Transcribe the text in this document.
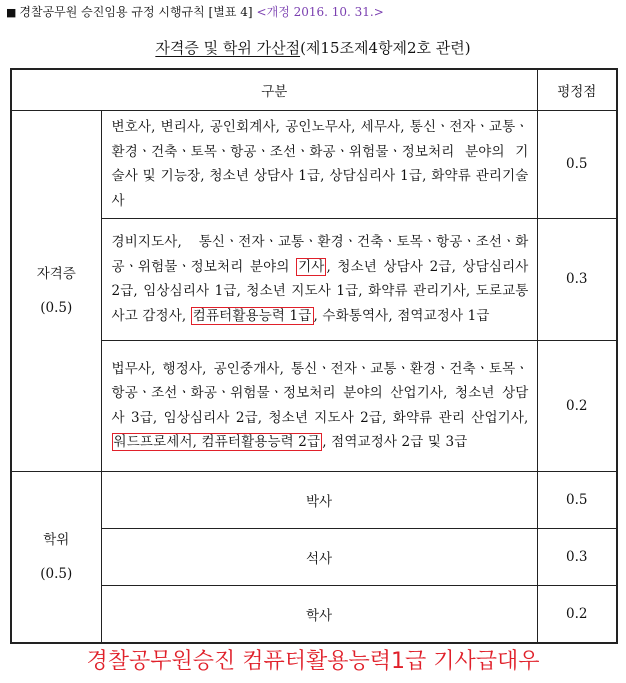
■ 경찰공무원 승진임용 규정 시행규칙 [별표 4] <개정 2016. 10. 31.>
자격증 및 학위 가산점(제15조제4항제2호 관련)
구분		평정점

자격증
(0.5)	변호사, 변리사, 공인회계사, 공인노무사, 세무사, 통신ㆍ전자ㆍ교통ㆍ환경ㆍ건축ㆍ토목ㆍ항공ㆍ조선ㆍ화공ㆍ위험물ㆍ정보처리 분야의 기술사 및 기능장, 청소년 상담사 1급, 상담심리사 1급, 화약류 관리기술사	0.5
	경비지도사, 통신ㆍ전자ㆍ교통ㆍ환경ㆍ건축ㆍ토목ㆍ항공ㆍ조선ㆍ화공ㆍ위험물ㆍ정보처리 분야의 기사 , 청소년 상담사 2급, 상담심리사 2급, 임상심리사 1급, 청소년 지도사 1급, 화약류 관리기사, 도로교통사고 감정사, 컴퓨터활용능력 1급 , 수화통역사, 점역교정사 1급	0.3
	법무사, 행정사, 공인중개사, 통신ㆍ전자ㆍ교통ㆍ환경ㆍ건축ㆍ토목ㆍ항공ㆍ조선ㆍ화공ㆍ위험물ㆍ정보처리 분야의 산업기사, 청소년 상담사 3급, 임상심리사 2급, 청소년 지도사 2급, 화약류 관리 산업기사, 워드프로세서, 컴퓨터활용능력 2급 , 점역교정사 2급 및 3급	0.2

학위
(0.5)	박사	0.5
	석사	0.3
	학사	0.2
경찰공무원승진 컴퓨터활용능력1급 기사급대우
